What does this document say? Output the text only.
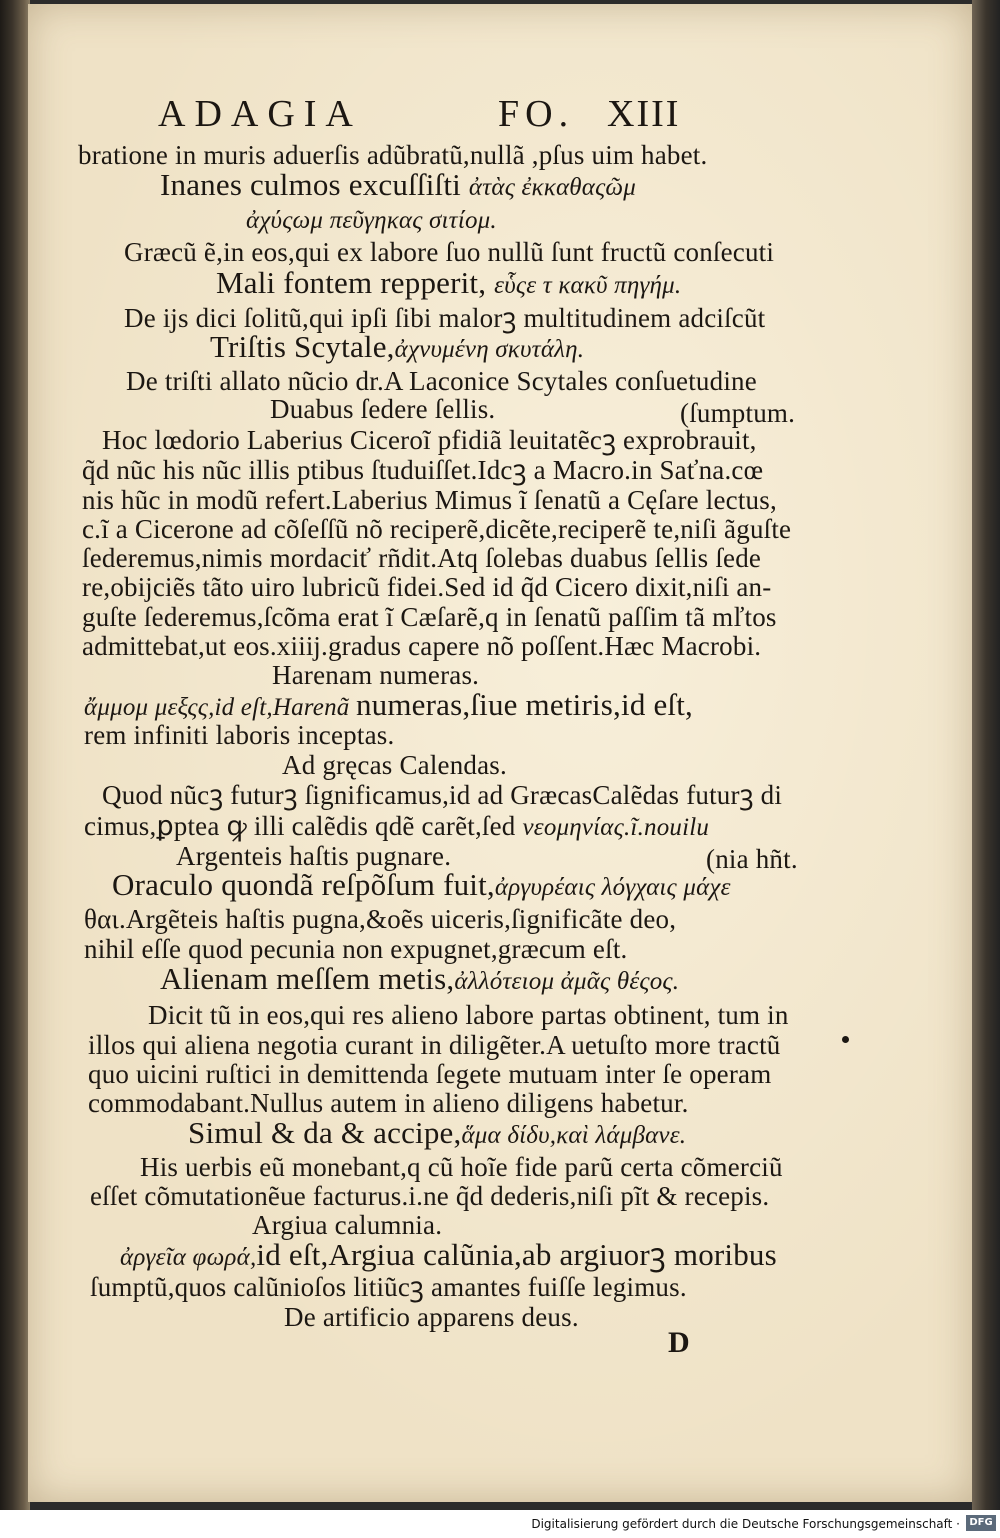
ADAGIA	FO. XIII
bratione in muris aduerſis adũbratũ,nullã ,pſus uim habet.
Inanes culmos excuſſiſti ἀτὰς ἐκκαθαςῶμ
ἀχύςωμ πεῦγηκας σιτίομ.
Græcũ ẽ,in eos,qui ex labore ſuo nullũ ſunt fructũ conſecuti
Mali fontem repperit, εὗςε τ κακῦ πηγήμ.
De ĳs dici ſolitũ,qui ipſi ſibi malorꝫ multitudinem adciſcũt
Triſtis Scytale,ἀχνυμένη σκυτάλη.
De triſti allato nũcio dr.A Laconice Scytales conſuetudine
Duabus ſedere ſellis.	(ſumptum.
Hoc lœdorio Laberius Ciceroĩ pfidiã leuitatẽcꝫ exprobrauit,
q̃d nũc his nũc illis ptibus ſtuduiſſet.Idcꝫ a Macro.in Saťna.cœ
nis hũc in modũ refert.Laberius Mimus ĩ ſenatũ a Cęſare lectus,
c.ĩ a Cicerone ad cõſeſſũ nõ reciperẽ,dicẽte,reciperẽ te,niſi ãguſte
ſederemus,nimis mordaciť rñdit.Atq ſolebas duabus ſellis ſede
re,obĳciẽs tãto uiro lubricũ fidei.Sed id q̃d Cicero dixit,niſi an-
guſte ſederemus,ſcõma erat ĩ Cæſarẽ,q in ſenatũ paſſim tã mľtos
admittebat,ut eos.xiiĳ.gradus capere nõ poſſent.Hæc Macrobi.
Harenam numeras.
ἄμμομ μεξςς,id eſt,Harenã numeras,ſiue metiris,id eſt,
rem infiniti laboris inceptas.
Ad gręcas Calendas.
Quod nũcꝫ futurꝫ ſignificamus,id ad GræcasCalẽdas futurꝫ di
cimus,ꝑptea ꝙ illi calẽdis qdẽ carẽt,ſed νεομηνίας.ĩ.nouilu
Argenteis haſtis pugnare.	(nia hñt.
Oraculo quondã reſpõſum fuit,ἀργυρέαις λόγχαις μάχε
θαι.Argẽteis haſtis pugna,&oẽs uiceris,ſignificãte deo,
nihil eſſe quod pecunia non expugnet,græcum eſt.
Alienam meſſem metis,ἀλλότειομ ἀμᾶς θέςος.
Dicit tũ in eos,qui res alieno labore partas obtinent, tum in
illos qui aliena negotia curant in diligẽter.A uetuſto more tractũ
quo uicini ruſtici in demittenda ſegete mutuam inter ſe operam
commodabant.Nullus autem in alieno diligens habetur.
Simul & da & accipe,ἅμα δίδυ,καὶ λάμβανε.
His uerbis eũ monebant,q cũ hoĩe fide parũ certa cõmerciũ
eſſet cõmutationẽue facturus.i.ne q̃d dederis,niſi pĩt & recepis.
Argiua calumnia.
ἀργεῖα φωρά,id eſt,Argiua calũnia,ab argiuorꝫ moribus
ſumptũ,quos calũnioſos litiũcꝫ amantes fuiſſe legimus.
De artificio apparens deus.
D
Digitalisierung gefördert durch die Deutsche Forschungsgemeinschaft · DFG
